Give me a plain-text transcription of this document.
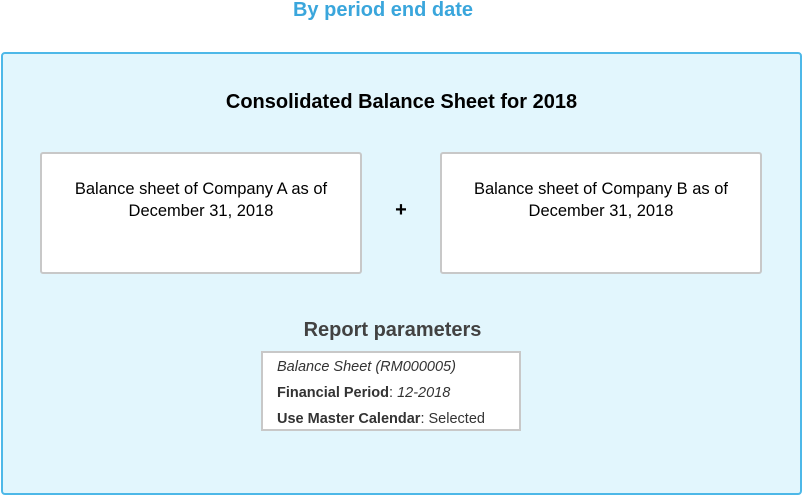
By period end date
Consolidated Balance Sheet for 2018
Balance sheet of Company A as of
December 31, 2018	+
Balance sheet of Company B as of
December 31, 2018
Report parameters
Balance Sheet (RM000005)
Financial Period: 12-2018
Use Master Calendar: Selected
